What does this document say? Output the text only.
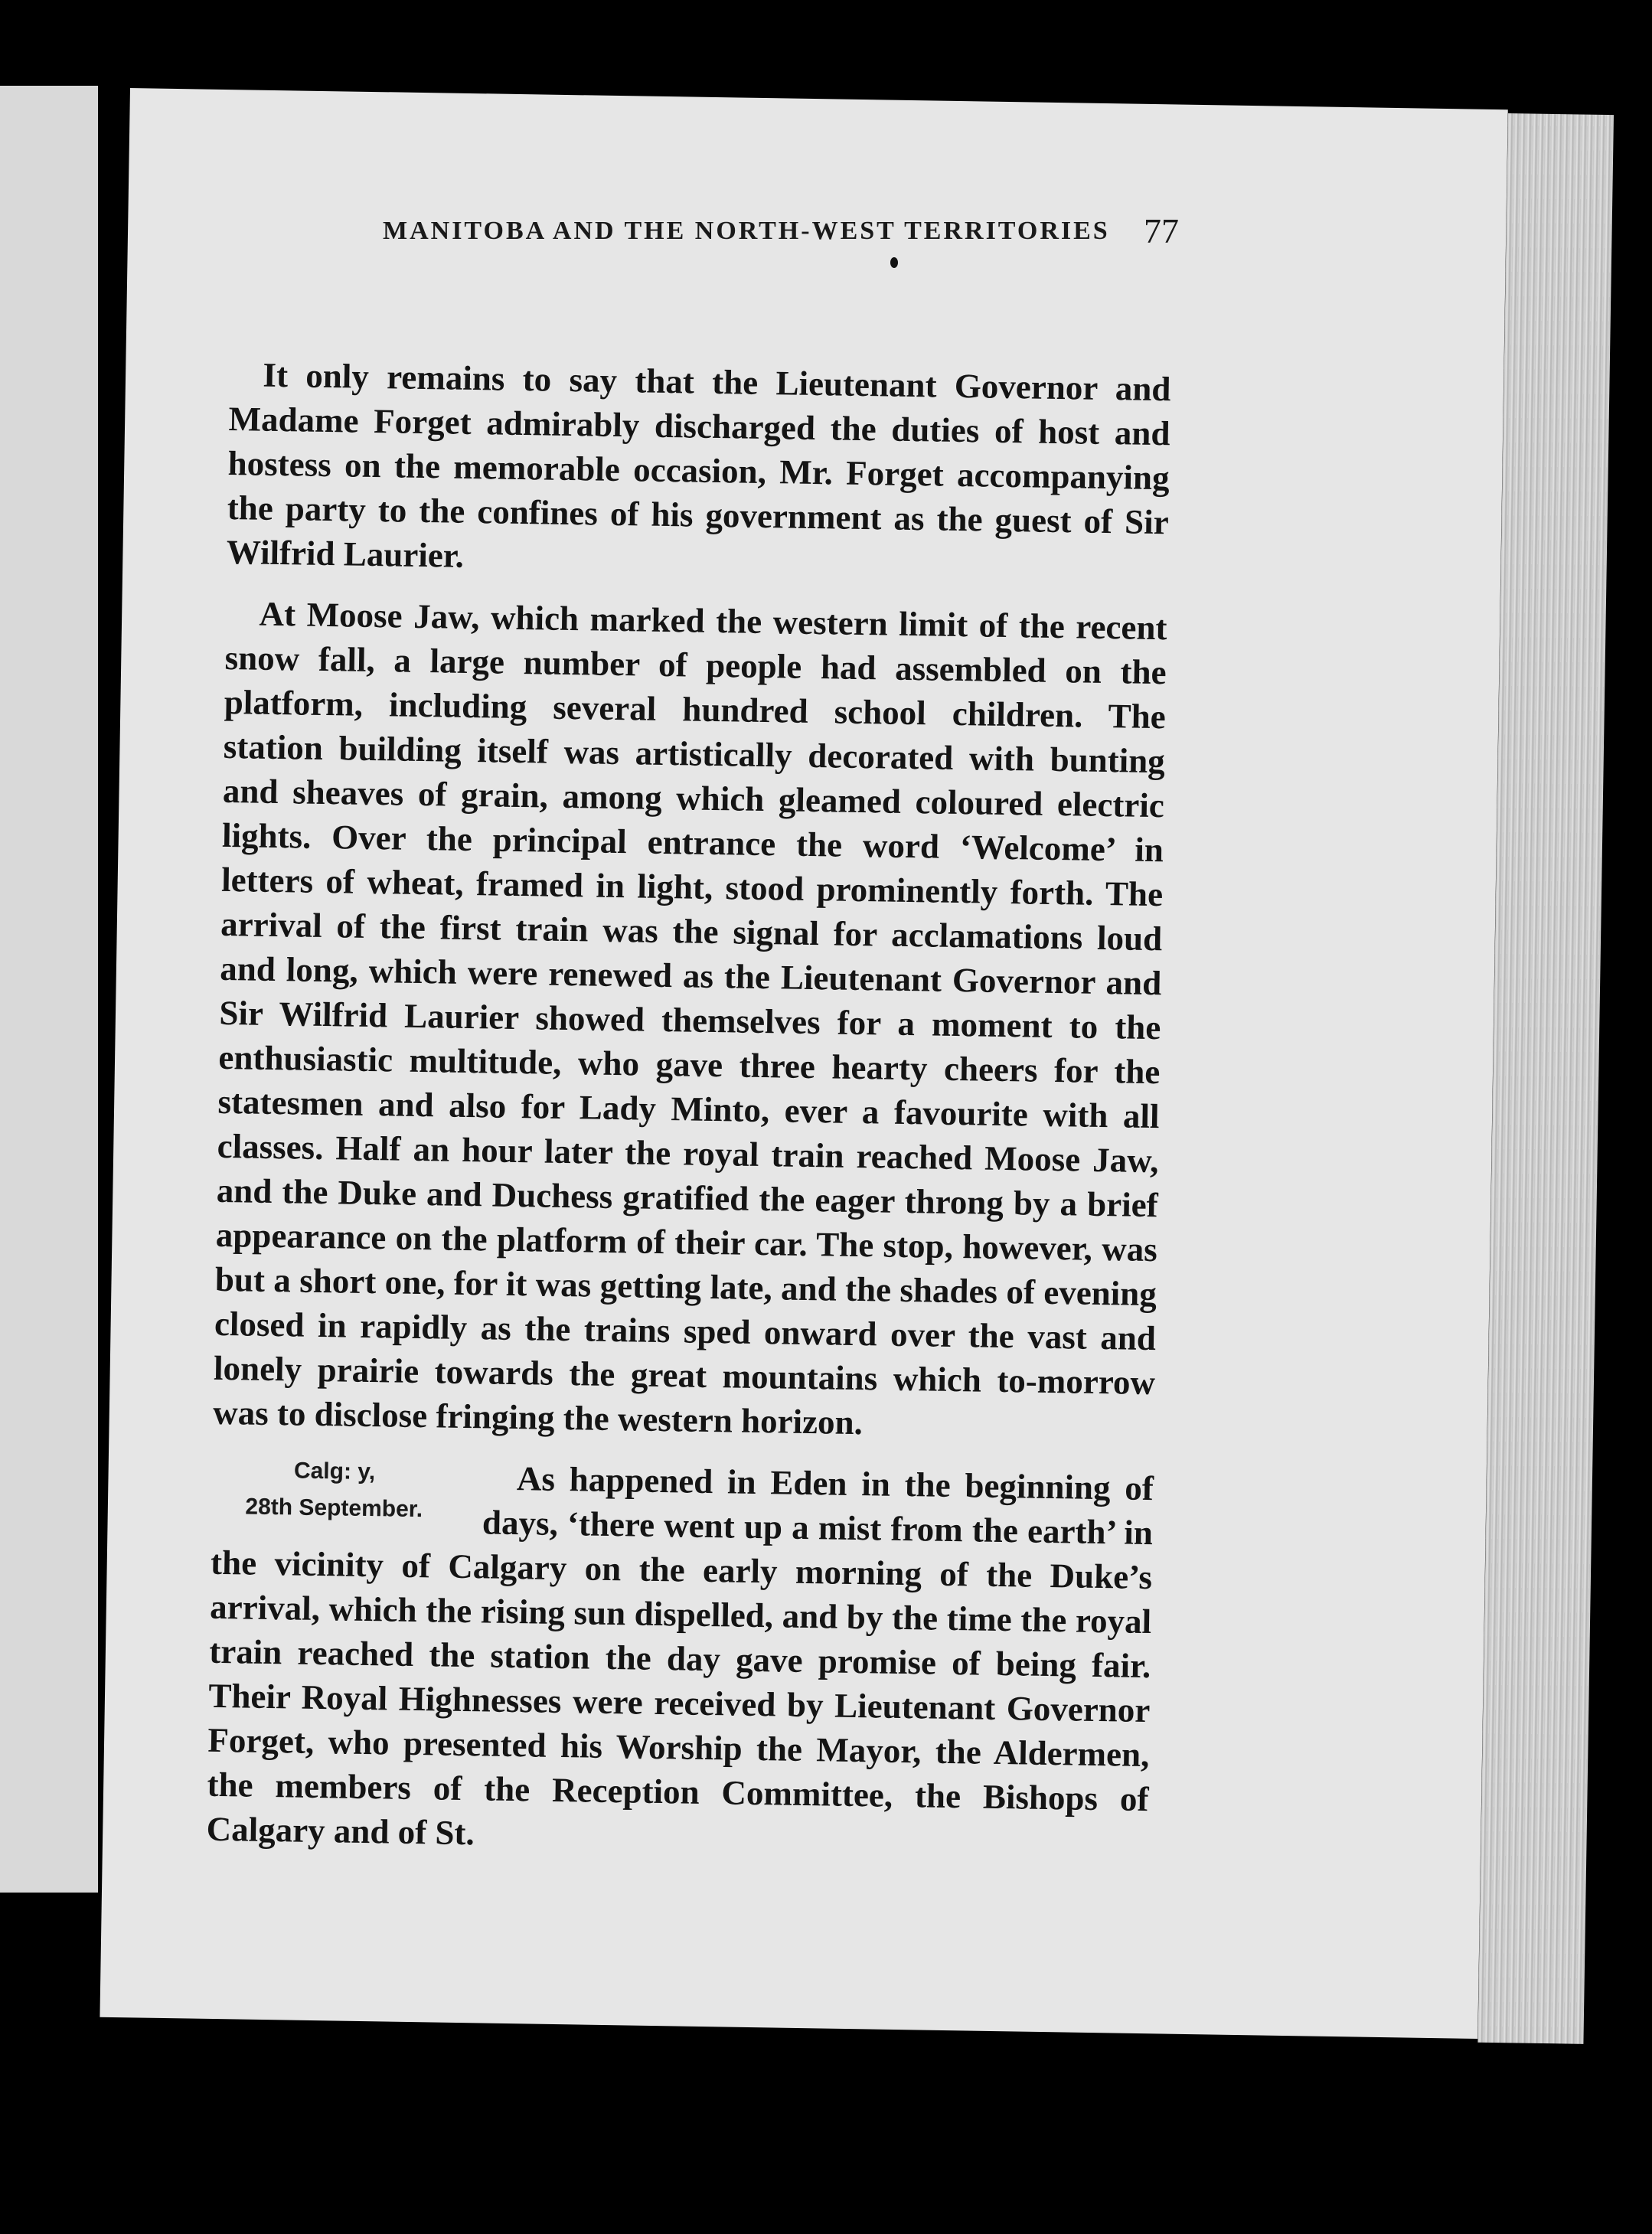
MANITOBA AND THE NORTH-WEST TERRITORIES 77

It only remains to say that the Lieutenant Governor and Madame Forget admirably discharged the duties of host and hostess on the memorable occasion, Mr. Forget accompanying the party to the confines of his government as the guest of Sir Wilfrid Laurier.

At Moose Jaw, which marked the western limit of the recent snow fall, a large number of people had assembled on the platform, including several hundred school children. The station building itself was artistically decorated with bunting and sheaves of grain, among which gleamed coloured electric lights. Over the principal entrance the word ‘Welcome’ in letters of wheat, framed in light, stood prominently forth. The arrival of the first train was the signal for acclamations loud and long, which were renewed as the Lieutenant Governor and Sir Wilfrid Laurier showed themselves for a moment to the enthusiastic multitude, who gave three hearty cheers for the statesmen and also for Lady Minto, ever a favourite with all classes. Half an hour later the royal train reached Moose Jaw, and the Duke and Duchess gratified the eager throng by a brief appearance on the platform of their car. The stop, however, was but a short one, for it was getting late, and the shades of evening closed in rapidly as the trains sped onward over the vast and lonely prairie towards the great mountains which to-morrow was to disclose fringing the western horizon.

Calg: y,
28th September.
As happened in Eden in the beginning of days, ‘there went up a mist from the earth’ in the vicinity of Calgary on the early morning of the Duke’s arrival, which the rising sun dispelled, and by the time the royal train reached the station the day gave promise of being fair. Their Royal Highnesses were received by Lieutenant Governor Forget, who presented his Worship the Mayor, the Aldermen, the members of the Reception Committee, the Bishops of Calgary and of St.
